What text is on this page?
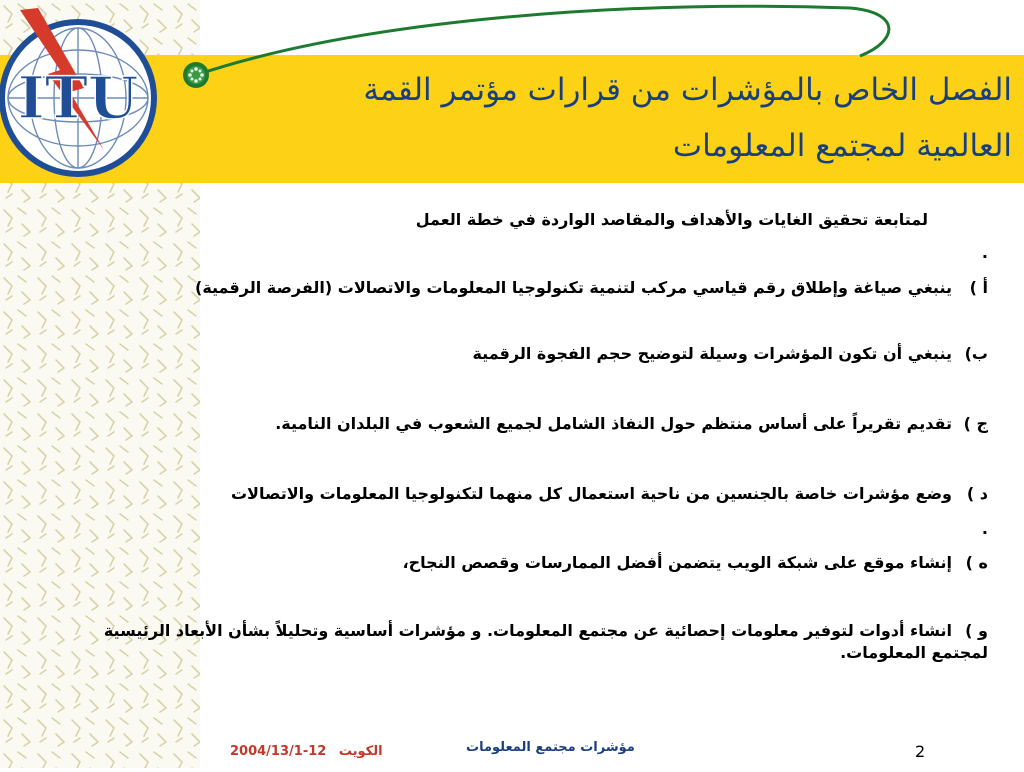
ITU	الفصل الخاص بالمؤشرات من قرارات مؤتمر القمة
العالمية لمجتمع المعلومات
لمتابعة تحقيق الغايات والأهداف والمقاصد الواردة في خطة العمل
.
أ )ينبغي صياغة وإطلاق رقم قياسي مركب لتنمية تكنولوجيا المعلومات والاتصالات (الفرصة الرقمية)
ب)ينبغي أن تكون المؤشرات وسيلة لتوضيح حجم الفجوة الرقمية
ج )تقديم تقريراً على أساس منتظم حول النفاذ الشامل لجميع الشعوب في البلدان النامية.
د )وضع مؤشرات خاصة بالجنسين من ناحية استعمال كل منهما لتكنولوجيا المعلومات والاتصالات
.
ه )إنشاء موقع على شبكة الويب يتضمن أفضل الممارسات وقصص النجاح،
و )انشاء أدوات لتوفير معلومات إحصائية عن مجتمع المعلومات. و مؤشرات أساسية وتحليلاً بشأن الأبعاد الرئيسية لمجتمع المعلومات.
2
مؤشرات مجتمع المعلومات
2004/13/1-12 الكويت
